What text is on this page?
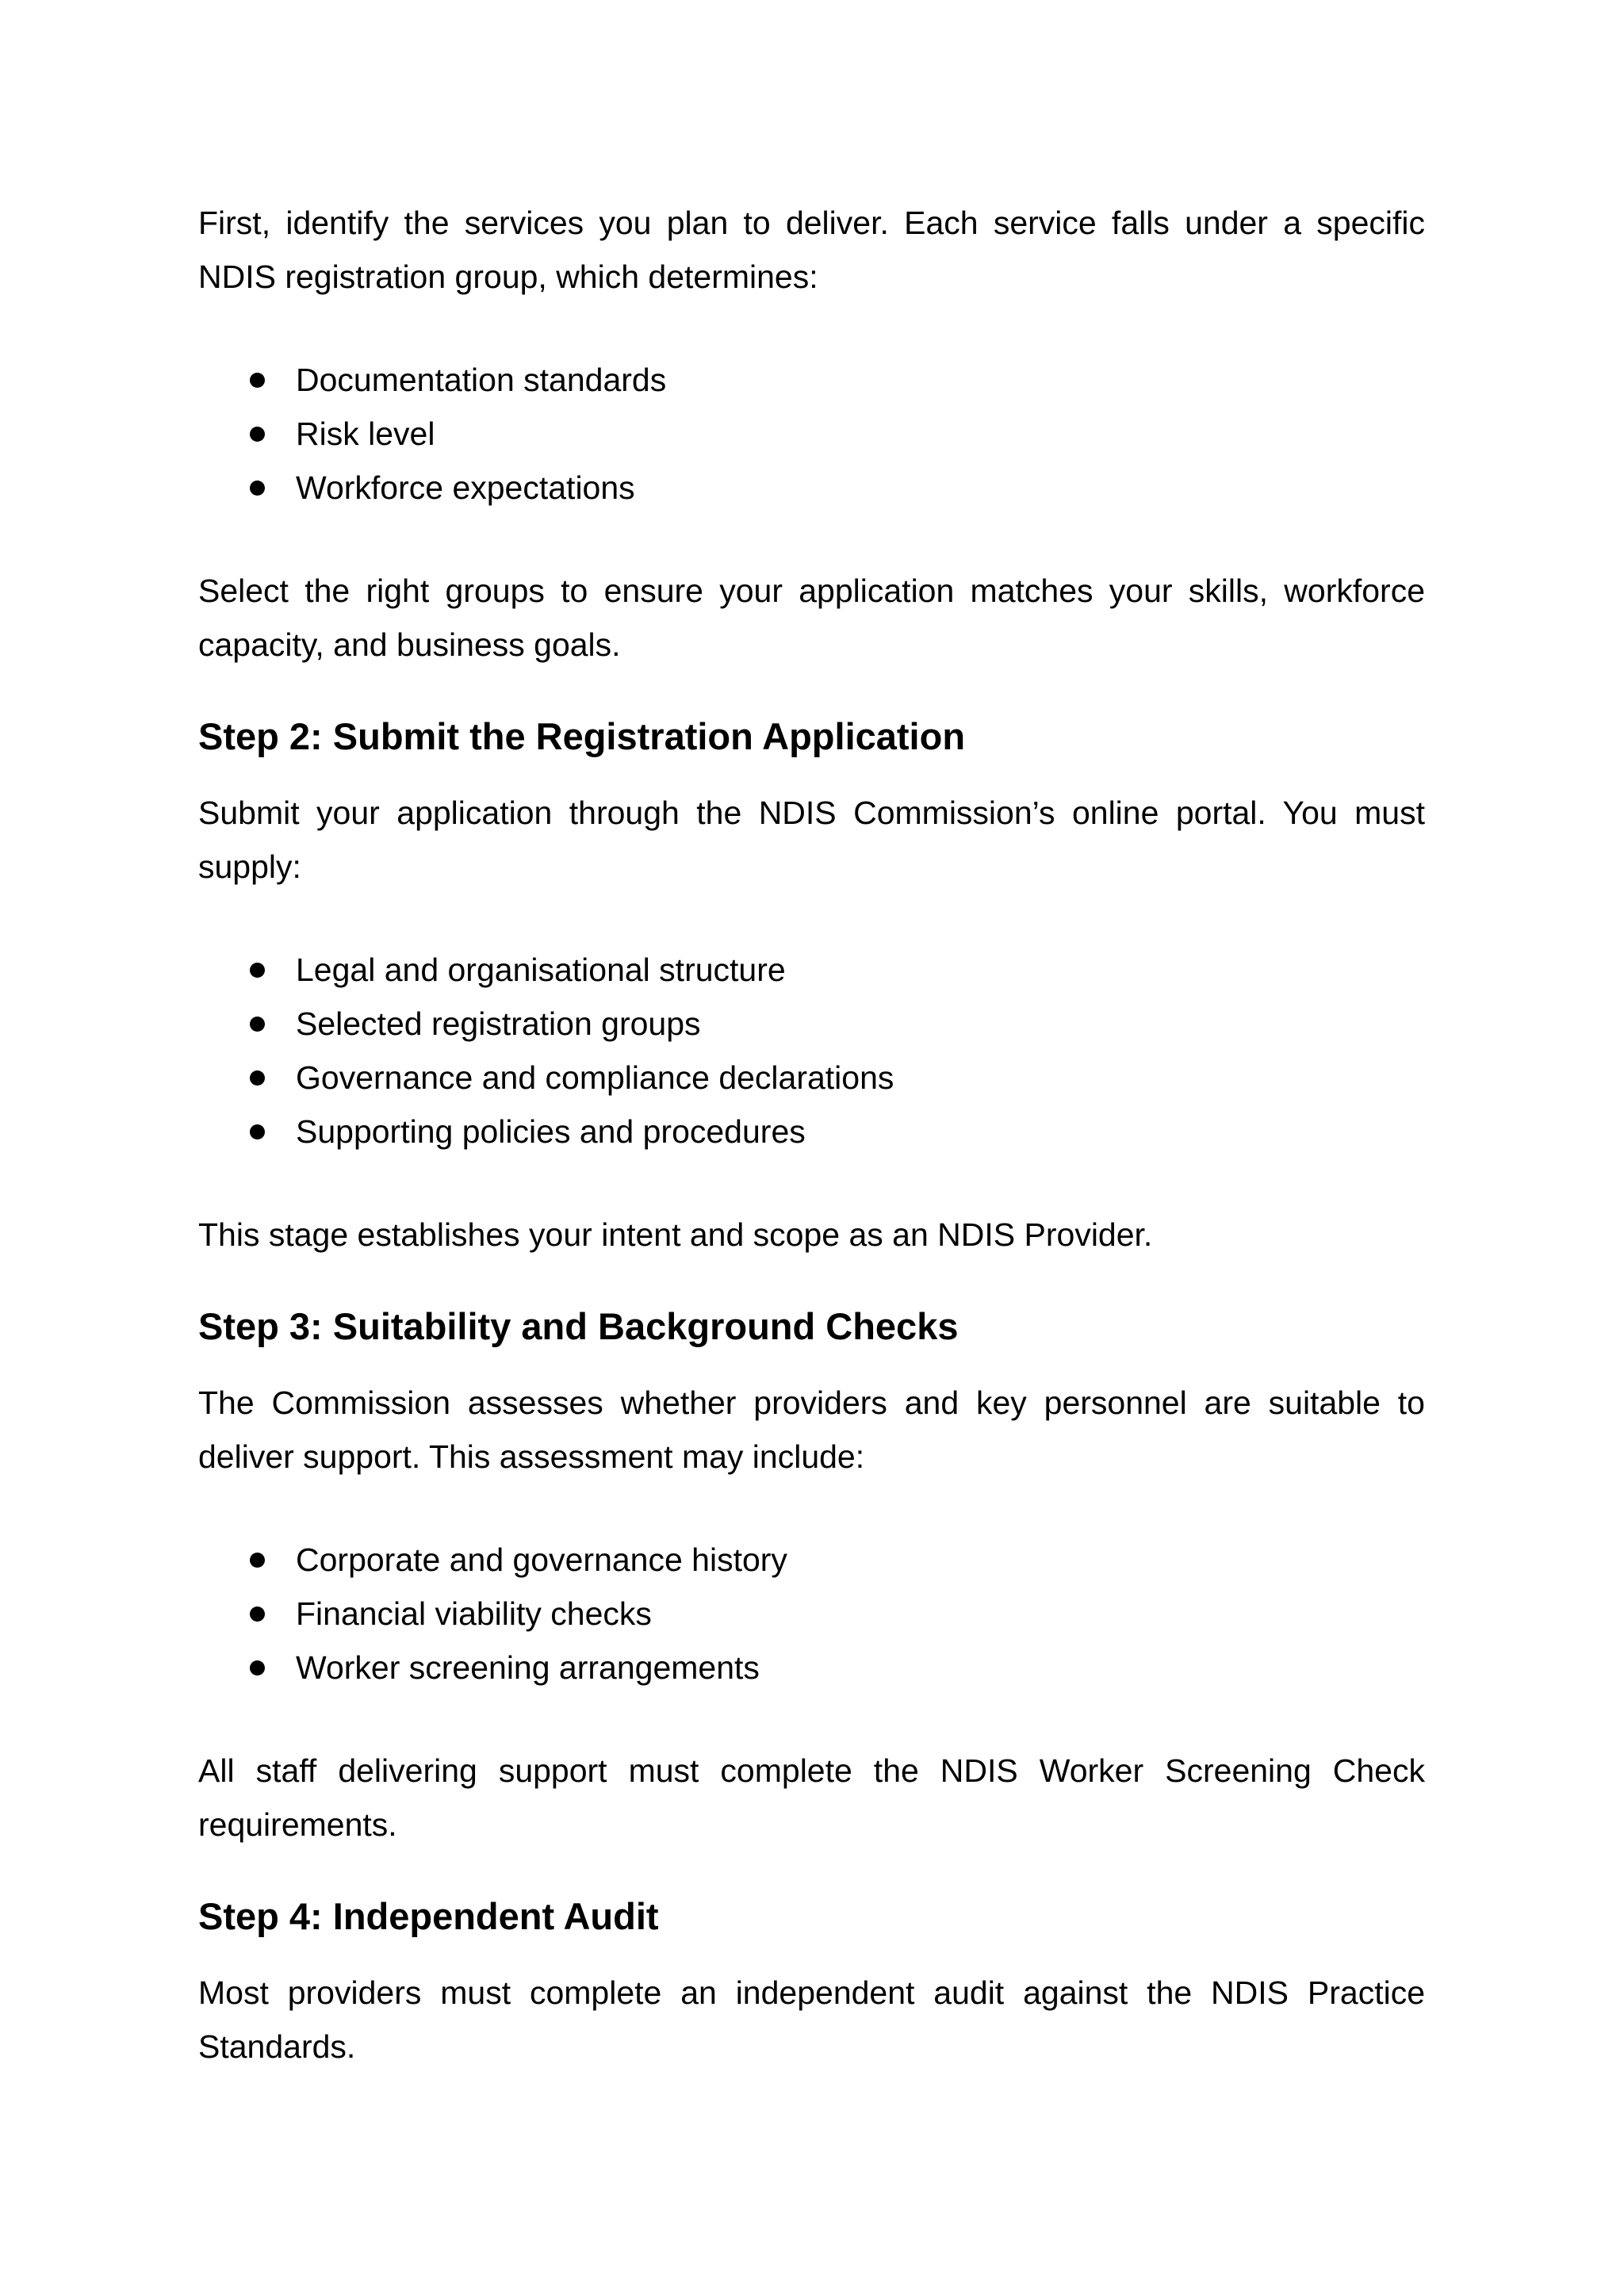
First, identify the services you plan to deliver. Each service falls under a specific NDIS registration group, which determines:

Documentation standards
Risk level
Workforce expectations

Select the right groups to ensure your application matches your skills, workforce capacity, and business goals.

Step 2: Submit the Registration Application

Submit your application through the NDIS Commission’s online portal. You must supply:

Legal and organisational structure
Selected registration groups
Governance and compliance declarations
Supporting policies and procedures

This stage establishes your intent and scope as an NDIS Provider.

Step 3: Suitability and Background Checks

The Commission assesses whether providers and key personnel are suitable to deliver support. This assessment may include:

Corporate and governance history
Financial viability checks
Worker screening arrangements

All staff delivering support must complete the NDIS Worker Screening Check requirements.

Step 4: Independent Audit

Most providers must complete an independent audit against the NDIS Practice Standards.
